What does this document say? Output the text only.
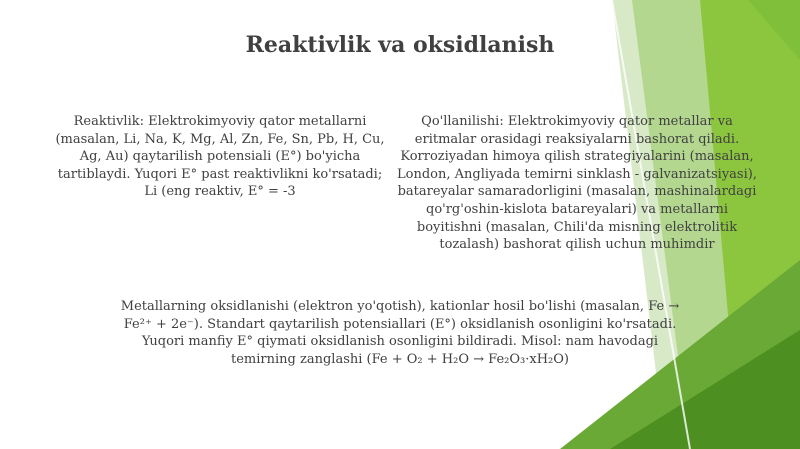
Reaktivlik va oksidlanish
Reaktivlik: Elektrokimyoviy qator metallarni (masalan, Li, Na, K, Mg, Al, Zn, Fe, Sn, Pb, H, Cu, Ag, Au) qaytarilish potensiali (E°) bo'yicha tartiblaydi. Yuqori E° past reaktivlikni ko'rsatadi; Li (eng reaktiv, E° = -3
Qo'llanilishi: Elektrokimyoviy qator metallar va eritmalar orasidagi reaksiyalarni bashorat qiladi. Korroziyadan himoya qilish strategiyalarini (masalan, London, Angliyada temirni sinklash - galvanizatsiyasi), batareyalar samaradorligini (masalan, mashinalardagi qo'rg'oshin-kislota batareyalari) va metallarni boyitishni (masalan, Chili'da misning elektrolitik tozalash) bashorat qilish uchun muhimdir
Metallarning oksidlanishi (elektron yo'qotish), kationlar hosil bo'lishi (masalan, Fe → Fe²⁺ + 2e⁻). Standart qaytarilish potensiallari (E°) oksidlanish osonligini ko'rsatadi. Yuqori manfiy E° qiymati oksidlanish osonligini bildiradi. Misol: nam havodagi temirning zanglashi (Fe + O₂ + H₂O → Fe₂O₃·xH₂O)
